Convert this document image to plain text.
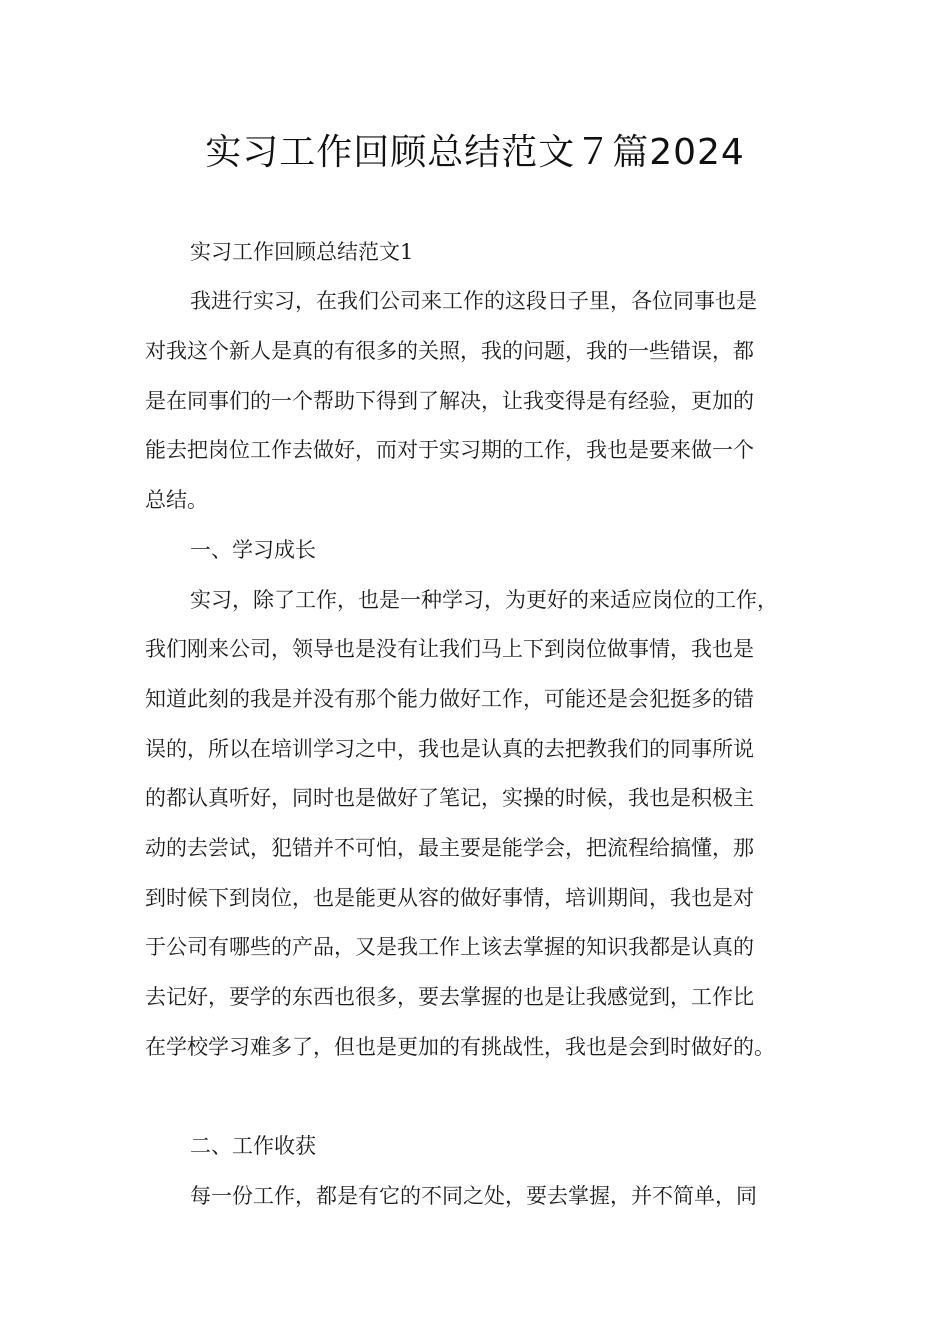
实习工作回顾总结范文７篇2024
实习工作回顾总结范文1
我进行实习，在我们公司来工作的这段日子里，各位同事也是
对我这个新人是真的有很多的关照，我的问题，我的一些错误，都
是在同事们的一个帮助下得到了解决，让我变得是有经验，更加的
能去把岗位工作去做好，而对于实习期的工作，我也是要来做一个
总结。
一、学习成长
实习，除了工作，也是一种学习，为更好的来适应岗位的工作，
我们刚来公司，领导也是没有让我们马上下到岗位做事情，我也是
知道此刻的我是并没有那个能力做好工作，可能还是会犯挺多的错
误的，所以在培训学习之中，我也是认真的去把教我们的同事所说
的都认真听好，同时也是做好了笔记，实操的时候，我也是积极主
动的去尝试，犯错并不可怕，最主要是能学会，把流程给搞懂，那
到时候下到岗位，也是能更从容的做好事情，培训期间，我也是对
于公司有哪些的产品，又是我工作上该去掌握的知识我都是认真的
去记好，要学的东西也很多，要去掌握的也是让我感觉到，工作比
在学校学习难多了，但也是更加的有挑战性，我也是会到时做好的。
二、工作收获
每一份工作，都是有它的不同之处，要去掌握，并不简单，同
